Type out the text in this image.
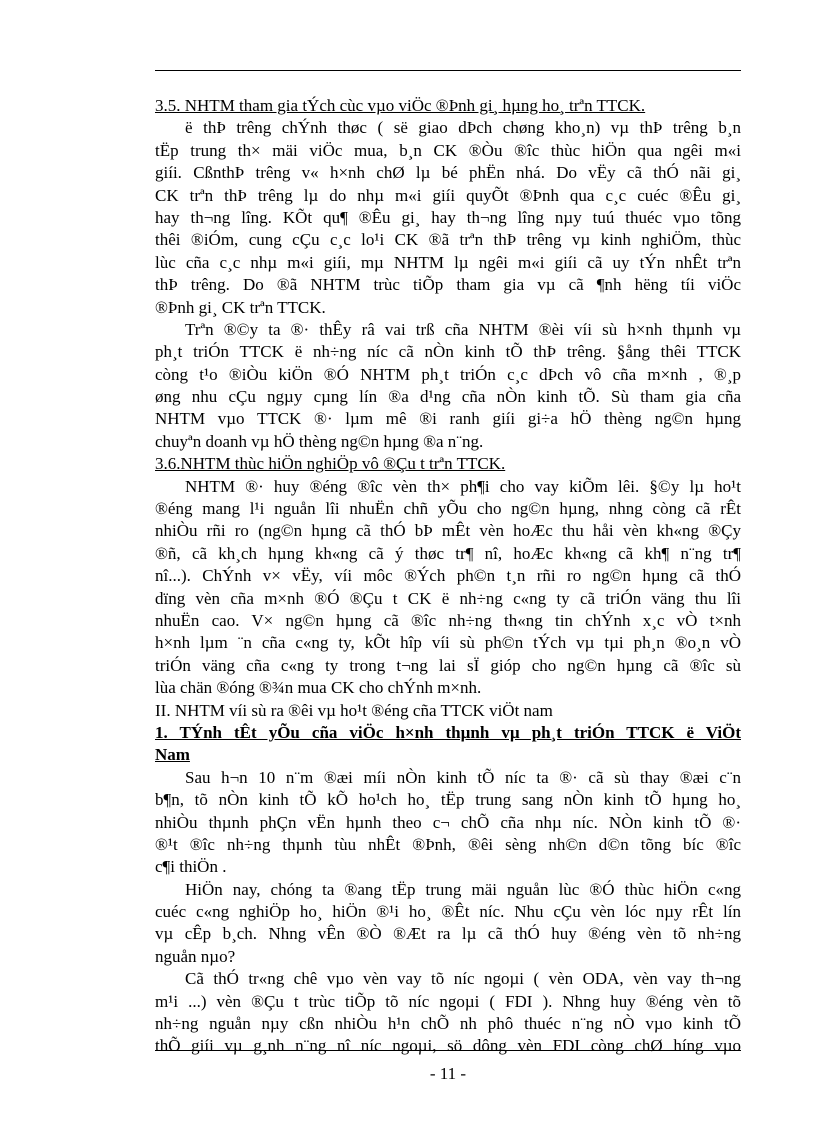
3.5. NHTM tham gia tÝch cùc vµo viÖc ®Þnh gi¸ hµng ho¸ trªn TTCK.
ë thÞ trêng chÝnh thøc ( së giao dÞch chøng kho¸n) vµ thÞ trêng b¸n
tËp trung th× mäi viÖc mua, b¸n CK ®Òu ®îc thùc hiÖn qua ngêi m«i
giíi. CßnthÞ trêng v« h×nh chØ lµ bé phËn nhá. Do vËy cã thÓ nãi gi¸
CK trªn thÞ trêng lµ do nhµ m«i giíi quyÕt ®Þnh qua c¸c cuéc ®Êu gi¸
hay th¬ng lîng. KÕt qu¶ ®Êu gi¸ hay th¬ng lîng nµy tuú thuéc vµo tõng
thêi ®iÓm, cung cÇu c¸c lo¹i CK ®ã trªn thÞ trêng vµ kinh nghiÖm, thùc
lùc cña c¸c nhµ m«i giíi, mµ NHTM lµ ngêi m«i giíi cã uy tÝn nhÊt trªn
thÞ trêng. Do ®ã NHTM trùc tiÕp tham gia vµ cã ¶nh hëng tíi viÖc
®Þnh gi¸ CK trªn TTCK.
Trªn ®©y ta ®· thÊy râ vai trß cña NHTM ®èi víi sù h×nh thµnh vµ
ph¸t triÓn TTCK ë nh÷ng níc cã nÒn kinh tÕ thÞ trêng. §ång thêi TTCK
còng t¹o ®iÒu kiÖn ®Ó NHTM ph¸t triÓn c¸c dÞch vô cña m×nh , ®¸p
øng nhu cÇu ngµy cµng lín ®a d¹ng cña nÒn kinh tÕ. Sù tham gia cña
NHTM vµo TTCK ®· lµm mê ®i ranh giíi gi÷a hÖ thèng ng©n hµng
chuyªn doanh vµ hÖ thèng ng©n hµng ®a n¨ng.
3.6.NHTM thùc hiÖn nghiÖp vô ®Çu t trªn TTCK.
NHTM ®· huy ®éng ®îc vèn th× ph¶i cho vay kiÕm lêi. §©y lµ ho¹t
®éng mang l¹i nguån lîi nhuËn chñ yÕu cho ng©n hµng, nhng còng cã rÊt
nhiÒu rñi ro (ng©n hµng cã thÓ bÞ mÊt vèn hoÆc thu håi vèn kh«ng ®Çy
®ñ, cã kh¸ch hµng kh«ng cã ý thøc tr¶ nî, hoÆc kh«ng cã kh¶ n¨ng tr¶
nî...). ChÝnh v× vËy, víi môc ®Ých ph©n t¸n rñi ro ng©n hµng cã thÓ
dïng vèn cña m×nh ®Ó ®Çu t CK ë nh÷ng c«ng ty cã triÓn väng thu lîi
nhuËn cao. V× ng©n hµng cã ®îc nh÷ng th«ng tin chÝnh x¸c vÒ t×nh
h×nh lµm ¨n cña c«ng ty, kÕt hîp víi sù ph©n tÝch vµ tµi ph¸n ®o¸n vÒ
triÓn väng cña c«ng ty trong t¬ng lai sÏ gióp cho ng©n hµng cã ®îc sù
lùa chän ®óng ®¾n mua CK cho chÝnh m×nh.
II. NHTM víi sù ra ®êi vµ ho¹t ®éng cña TTCK viÖt nam
1. TÝnh tÊt yÕu cña viÖc h×nh thµnh vµ ph¸t triÓn TTCK ë ViÖt
Nam
Sau h¬n 10 n¨m ®æi míi nÒn kinh tÕ níc ta ®· cã sù thay ®æi c¨n
b¶n, tõ nÒn kinh tÕ kÕ ho¹ch ho¸ tËp trung sang nÒn kinh tÕ hµng ho¸
nhiÒu thµnh phÇn vËn hµnh theo c¬ chÕ cña nhµ níc. NÒn kinh tÕ ®·
®¹t ®îc nh÷ng thµnh tùu nhÊt ®Þnh, ®êi sèng nh©n d©n tõng bíc ®îc
c¶i thiÖn .
HiÖn nay, chóng ta ®ang tËp trung mäi nguån lùc ®Ó thùc hiÖn c«ng
cuéc c«ng nghiÖp ho¸ hiÖn ®¹i ho¸ ®Êt níc. Nhu cÇu vèn lóc nµy rÊt lín
vµ cÊp b¸ch. Nhng vÊn ®Ò ®Æt ra lµ cã thÓ huy ®éng vèn tõ nh÷ng
nguån nµo?
Cã thÓ tr«ng chê vµo vèn vay tõ níc ngoµi ( vèn ODA, vèn vay th¬ng
m¹i ...) vèn ®Çu t trùc tiÕp tõ níc ngoµi ( FDI ). Nhng huy ®éng vèn tõ
nh÷ng nguån nµy cßn nhiÒu h¹n chÕ nh phô thuéc n¨ng nÒ vµo kinh tÕ
thÕ giíi vµ g¸nh n¨ng nî níc ngoµi, sö dông vèn FDI còng chØ híng vµo
- 11 -
